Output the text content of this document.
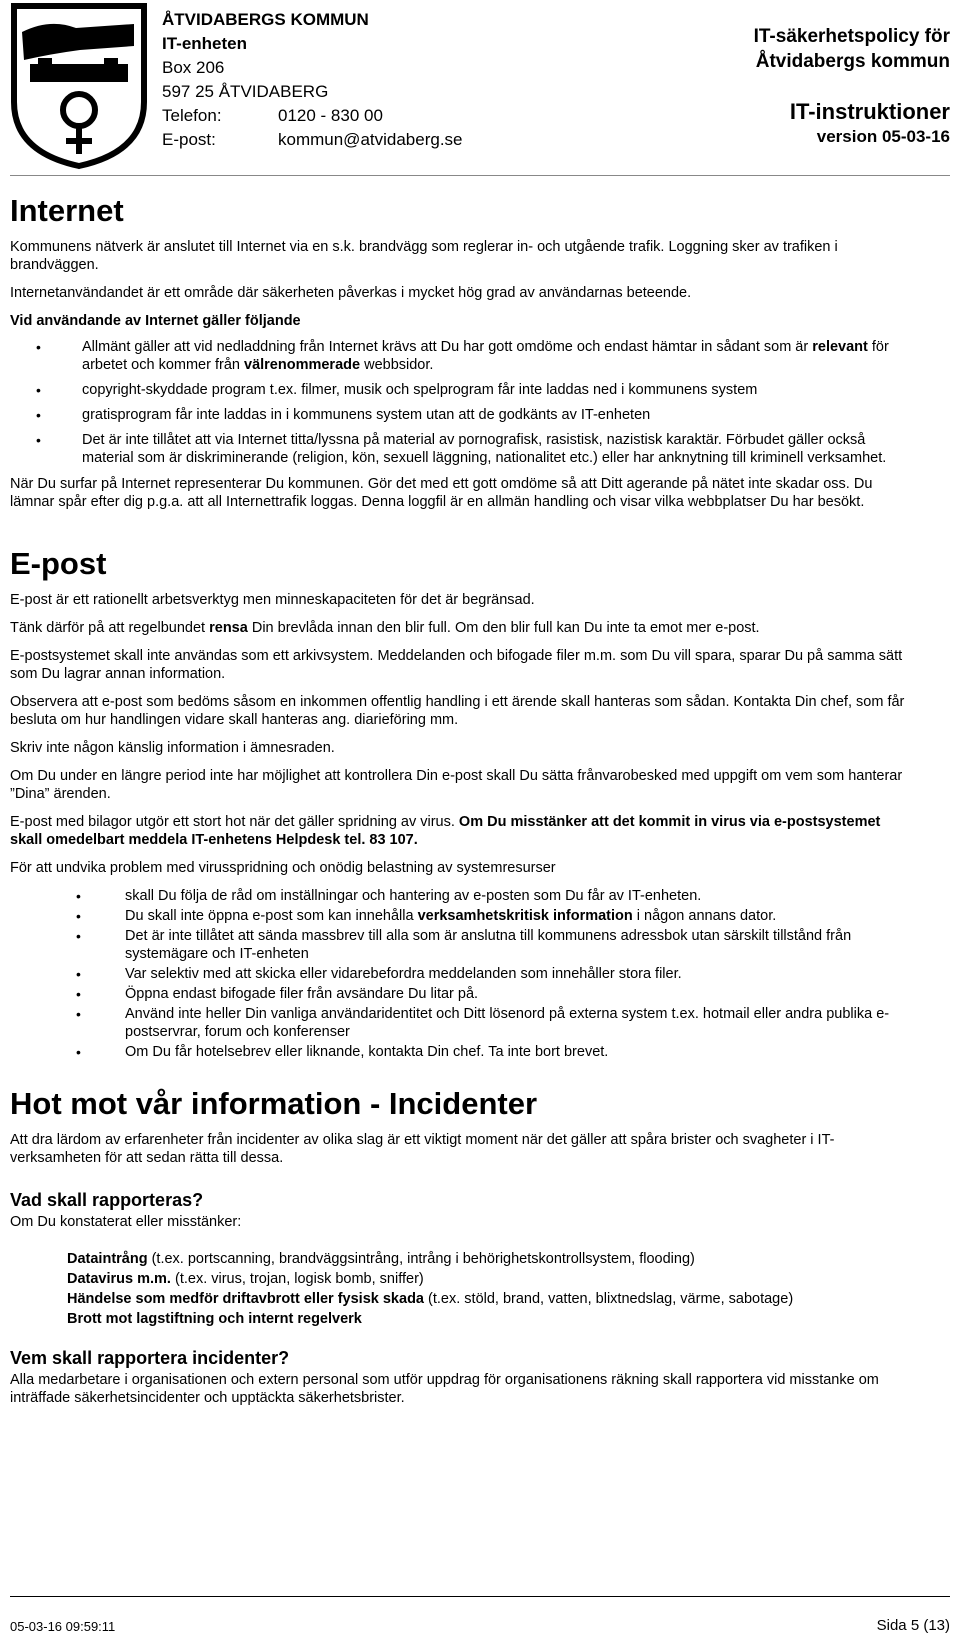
ÅTVIDABERGS KOMMUN
IT-enheten
Box 206
597 25 ÅTVIDABERG
Telefon:	0120 - 830 00
E-post:	kommun@atvidaberg.se
IT-säkerhetspolicy för
Åtvidabergs kommun
IT-instruktioner
version 05-03-16
Internet

Kommunens nätverk är anslutet till Internet via en s.k. brandvägg som reglerar in- och utgående trafik. Loggning sker av trafiken i brandväggen.

Internetanvändandet är ett område där säkerheten påverkas i mycket hög grad av användarnas beteende.

Vid användande av Internet gäller följande

• Allmänt gäller att vid nedladdning från Internet krävs att Du har gott omdöme och endast hämtar in sådant som är relevant för arbetet och kommer från välrenommerade webbsidor.
• copyright-skyddade program t.ex. filmer, musik och spelprogram får inte laddas ned i kommunens system
• gratisprogram får inte laddas in i kommunens system utan att de godkänts av IT-enheten
• Det är inte tillåtet att via Internet titta/lyssna på material av pornografisk, rasistisk, nazistisk karaktär. Förbudet gäller också material som är diskriminerande (religion, kön, sexuell läggning, nationalitet etc.) eller har anknytning till kriminell verksamhet.

När Du surfar på Internet representerar Du kommunen. Gör det med ett gott omdöme så att Ditt agerande på nätet inte skadar oss. Du lämnar spår efter dig p.g.a. att all Internettrafik loggas. Denna loggfil är en allmän handling och visar vilka webbplatser Du har besökt.

E-post

E-post är ett rationellt arbetsverktyg men minneskapaciteten för det är begränsad.

Tänk därför på att regelbundet rensa Din brevlåda innan den blir full. Om den blir full kan Du inte ta emot mer e-post.

E-postsystemet skall inte användas som ett arkivsystem. Meddelanden och bifogade filer m.m. som Du vill spara, sparar Du på samma sätt som Du lagrar annan information.

Observera att e-post som bedöms såsom en inkommen offentlig handling i ett ärende skall hanteras som sådan. Kontakta Din chef, som får besluta om hur handlingen vidare skall hanteras ang. diarieföring mm.

Skriv inte någon känslig information i ämnesraden.

Om Du under en längre period inte har möjlighet att kontrollera Din e-post skall Du sätta frånvarobesked med uppgift om vem som hanterar ”Dina” ärenden.

E-post med bilagor utgör ett stort hot när det gäller spridning av virus. Om Du misstänker att det kommit in virus via e-postsystemet skall omedelbart meddela IT-enhetens Helpdesk tel. 83 107.

För att undvika problem med virusspridning och onödig belastning av systemresurser

• skall Du följa de råd om inställningar och hantering av e-posten som Du får av IT-enheten.
• Du skall inte öppna e-post som kan innehålla verksamhetskritisk information i någon annans dator.
• Det är inte tillåtet att sända massbrev till alla som är anslutna till kommunens adressbok utan särskilt tillstånd från systemägare och IT-enheten
• Var selektiv med att skicka eller vidarebefordra meddelanden som innehåller stora filer.
• Öppna endast bifogade filer från avsändare Du litar på.
• Använd inte heller Din vanliga användaridentitet och Ditt lösenord på externa system t.ex. hotmail eller andra publika e-postservrar, forum och konferenser
• Om Du får hotelsebrev eller liknande, kontakta Din chef. Ta inte bort brevet.
Hot mot vår information - Incidenter

Att dra lärdom av erfarenheter från incidenter av olika slag är ett viktigt moment när det gäller att spåra brister och svagheter i IT-verksamheten för att sedan rätta till dessa.

Vad skall rapporteras?

Om Du konstaterat eller misstänker:

Dataintrång (t.ex. portscanning, brandväggsintrång, intrång i behörighetskontrollsystem, flooding)
Datavirus m.m. (t.ex. virus, trojan, logisk bomb, sniffer)
Händelse som medför driftavbrott eller fysisk skada (t.ex. stöld, brand, vatten, blixtnedslag, värme, sabotage)
Brott mot lagstiftning och internt regelverk
Vem skall rapportera incidenter?

Alla medarbetare i organisationen och extern personal som utför uppdrag för organisationens räkning skall rapportera vid misstanke om inträffade säkerhetsincidenter och upptäckta säkerhetsbrister.

05-03-16 09:59:11	Sida 5 (13)
